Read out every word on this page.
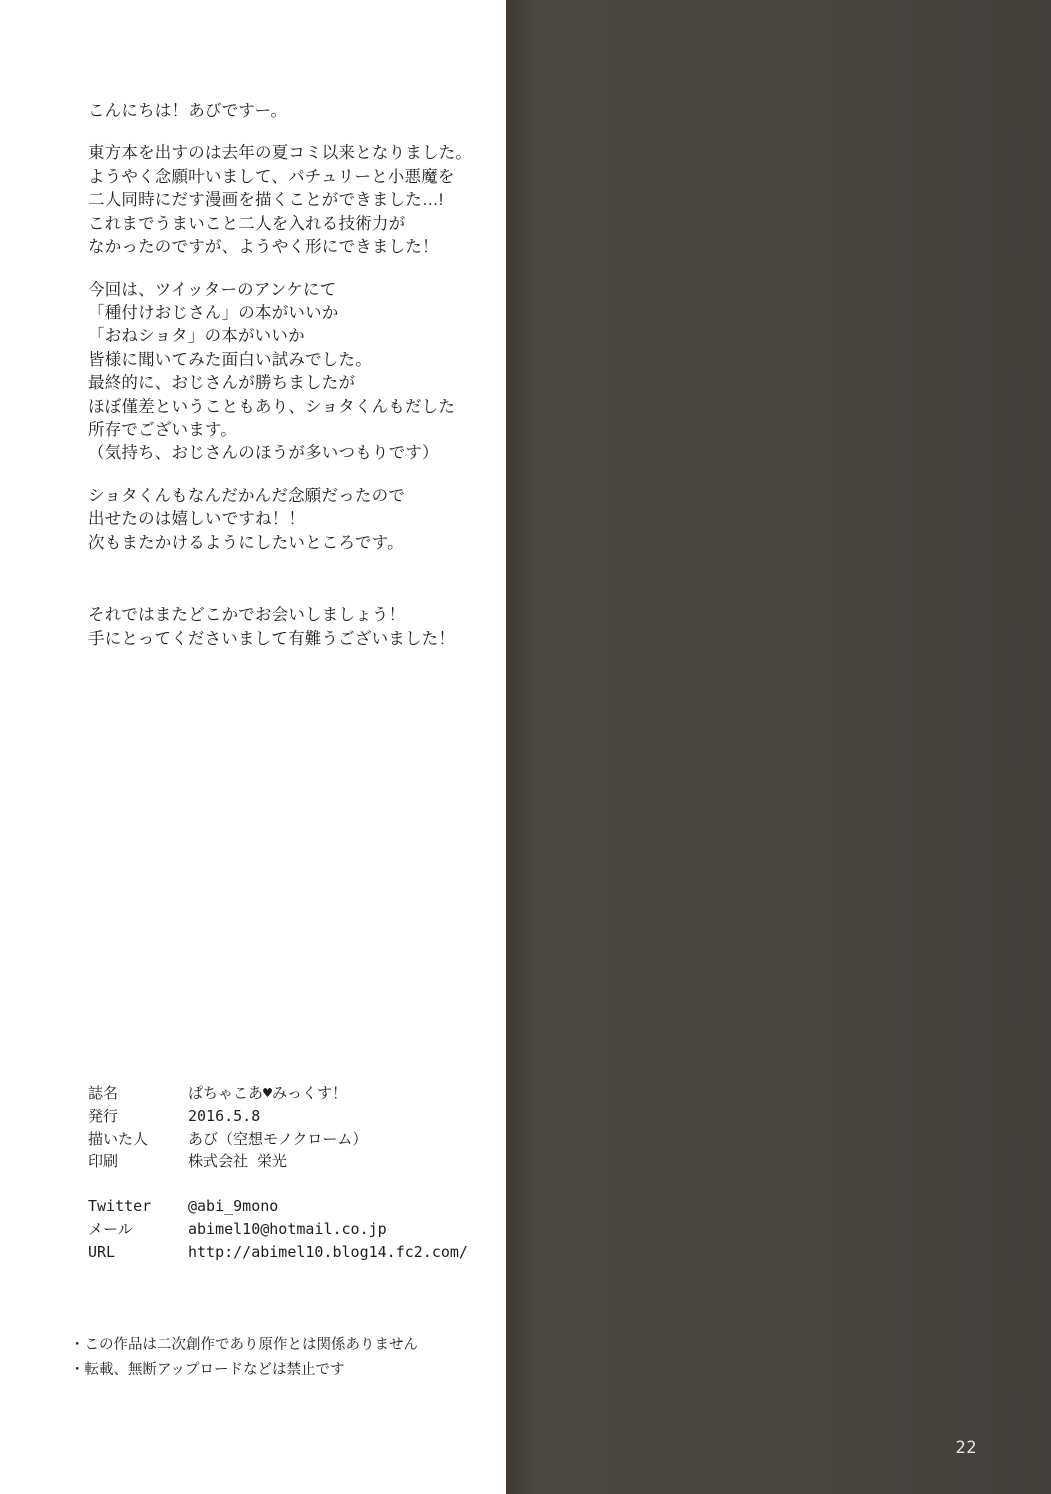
こんにちは！あびですー。
東方本を出すのは去年の夏コミ以来となりました。
ようやく念願叶いまして、パチュリーと小悪魔を
二人同時にだす漫画を描くことができました…!
これまでうまいこと二人を入れる技術力が
なかったのですが、ようやく形にできました！
今回は、ツイッターのアンケにて
「種付けおじさん」の本がいいか
「おねショタ」の本がいいか
皆様に聞いてみた面白い試みでした。
最終的に、おじさんが勝ちましたが
ほぼ僅差ということもあり、ショタくんもだした
所存でございます。
（気持ち、おじさんのほうが多いつもりです）
ショタくんもなんだかんだ念願だったので
出せたのは嬉しいですね！！
次もまたかけるようにしたいところです。
それではまたどこかでお会いしましょう！
手にとってくださいまして有難うございました！
誌名	ぱちゃこあ♥みっくす！
発行	2016.5.8
描いた人	あび（空想モノクローム）
印刷	株式会社 栄光
Twitter	@abi_9mono
メール	abimel10@hotmail.co.jp
URL	http://abimel10.blog14.fc2.com/
・この作品は二次創作であり原作とは関係ありません
・転載、無断アップロードなどは禁止です
22
